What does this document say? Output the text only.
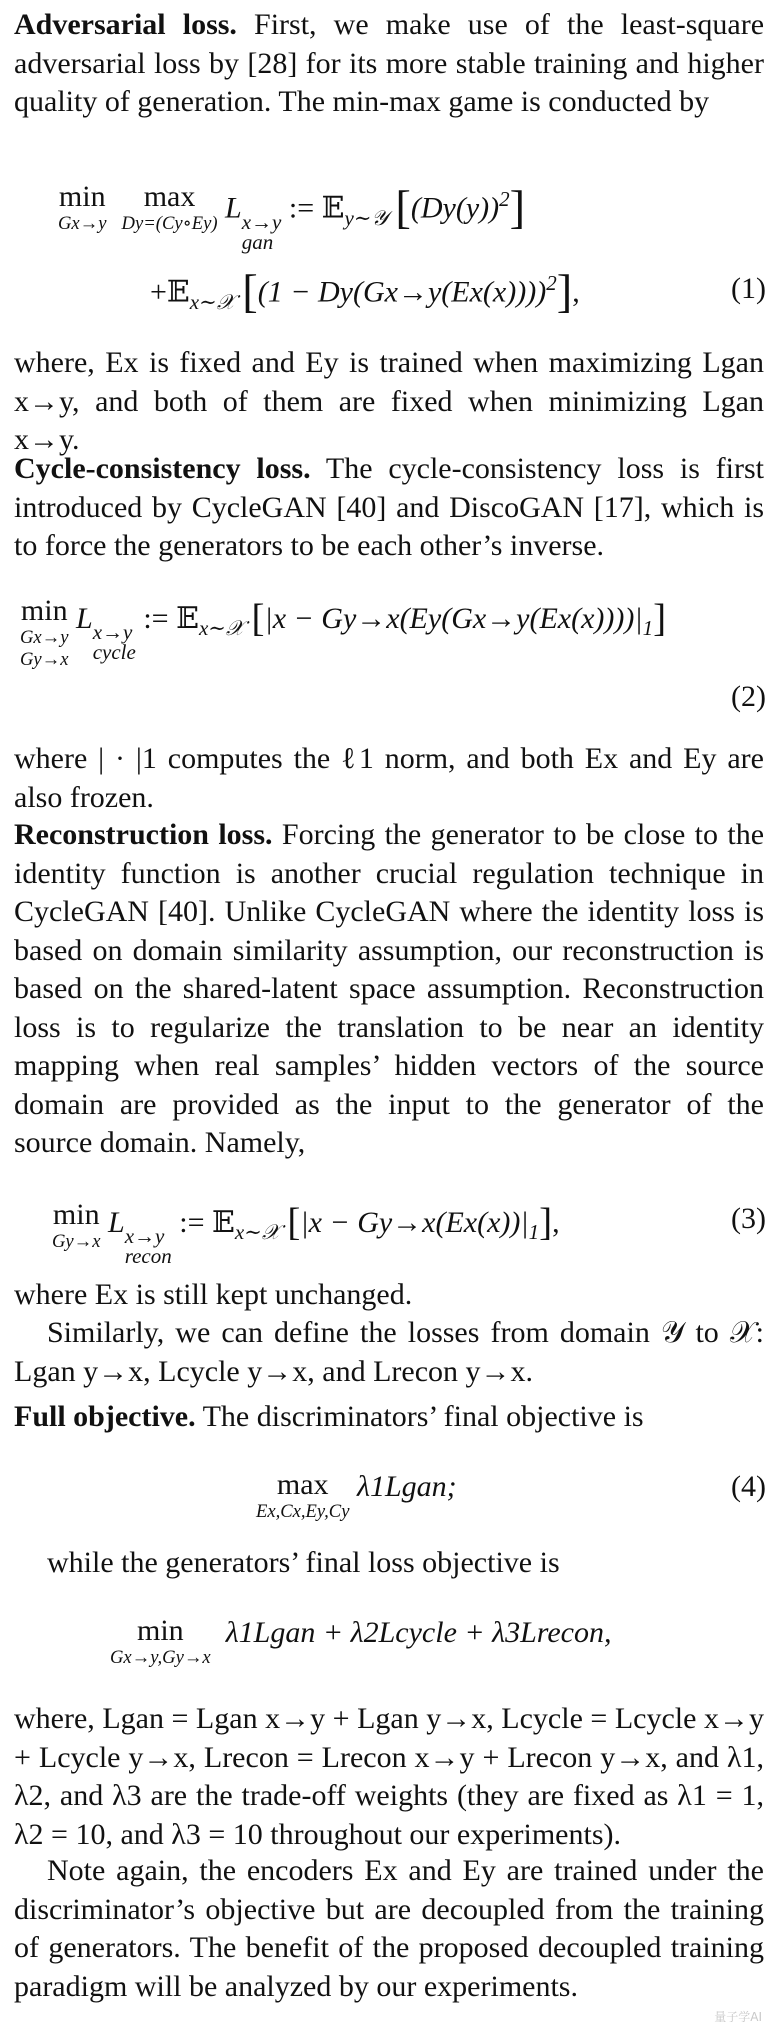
Adversarial loss. First, we make use of the least-square adversarial loss by [28] for its more stable training and higher quality of generation. The min-max game is conducted by

min
Gx→y

max
Dy=(Cy∘Ey) L x→y
gan
:= 𝔼$_{y\sim 𝒴}$ $[(Dy(y))^2]$
+𝔼$_{x\sim 𝒳}$ $[(1 - Dy(Gx\to y(Ex(x))))^2]$,	(1)

where, Ex is fixed and Ey is trained when maximizing Lgan x→y, and both of them are fixed when minimizing Lgan x→y.

Cycle-consistency loss. The cycle-consistency loss is first introduced by CycleGAN [40] and DiscoGAN [17], which is to force the generators to be each other’s inverse.

min
Gx→y
Gy→x
L x→y
cycle
:= 𝔼$_{x\sim 𝒳}$ $[|x - Gy\to x(Ey(Gx\to y(Ex(x))))|_1]$
(2)

where | · |1 computes the ℓ1 norm, and both Ex and Ey are also frozen.

Reconstruction loss. Forcing the generator to be close to the identity function is another crucial regulation technique in CycleGAN [40]. Unlike CycleGAN where the identity loss is based on domain similarity assumption, our reconstruction is based on the shared-latent space assumption. Reconstruction loss is to regularize the translation to be near an identity mapping when real samples’ hidden vectors of the source domain are provided as the input to the generator of the source domain. Namely,

min
Gy→x
L x→y
recon
:= 𝔼$_{x\sim 𝒳}$ $[|x - Gy\to x(Ex(x))|_1]$,	(3)

where Ex is still kept unchanged.

Similarly, we can define the losses from domain 𝒴 to 𝒳: Lgan y→x, Lcycle y→x, and Lrecon y→x.

Full objective. The discriminators’ final objective is

max
Ex,Cx,Ey,Cy
λ1Lgan;	(4)

while the generators’ final loss objective is

min
Gx→y,Gy→x
λ1Lgan + λ2Lcycle + λ3Lrecon,

where, Lgan = Lgan x→y + Lgan y→x, Lcycle = Lcycle x→y + Lcycle y→x, Lrecon = Lrecon x→y + Lrecon y→x, and λ1, λ2, and λ3 are the trade-off weights (they are fixed as λ1 = 1, λ2 = 10, and λ3 = 10 throughout our experiments).

Note again, the encoders Ex and Ey are trained under the discriminator’s objective but are decoupled from the training of generators. The benefit of the proposed decoupled training paradigm will be analyzed by our experiments.

量子学AI
